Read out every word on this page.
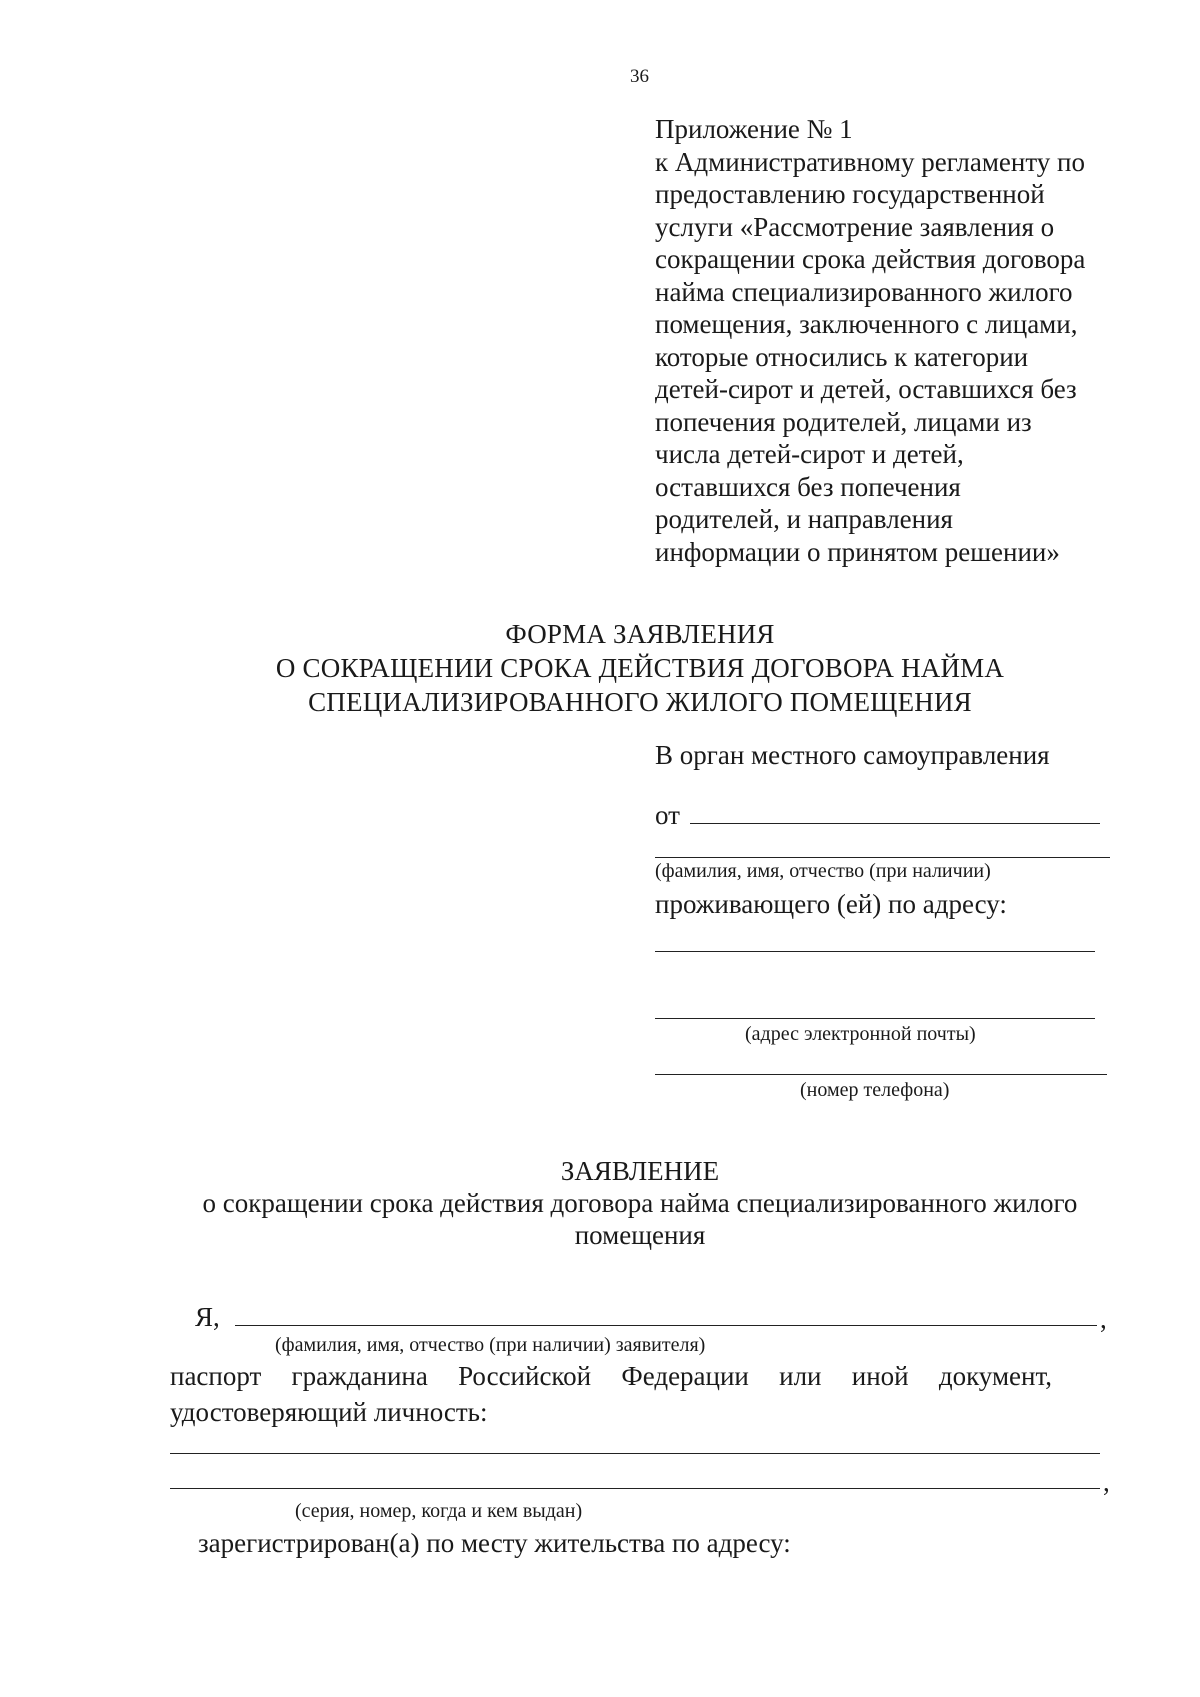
36
Приложение № 1
к Административному регламенту по
предоставлению государственной
услуги «Рассмотрение заявления о
сокращении срока действия договора
найма специализированного жилого
помещения, заключенного с лицами,
которые относились к категории
детей-сирот и детей, оставшихся без
попечения родителей, лицами из
числа детей-сирот и детей,
оставшихся без попечения
родителей, и направления
информации о принятом решении»
ФОРМА ЗАЯВЛЕНИЯ
О СОКРАЩЕНИИ СРОКА ДЕЙСТВИЯ ДОГОВОРА НАЙМА
СПЕЦИАЛИЗИРОВАННОГО ЖИЛОГО ПОМЕЩЕНИЯ
В орган местного самоуправления
от
(фамилия, имя, отчество (при наличии)
проживающего (ей) по адресу:
(адрес электронной почты)
(номер телефона)
ЗАЯВЛЕНИЕ
о сокращении срока действия договора найма специализированного жилого
помещения
Я,	,
(фамилия, имя, отчество (при наличии) заявителя)
паспорт гражданина Российской Федерации или иной документ,
удостоверяющий личность:
,
(серия, номер, когда и кем выдан)
зарегистрирован(а) по месту жительства по адресу:
